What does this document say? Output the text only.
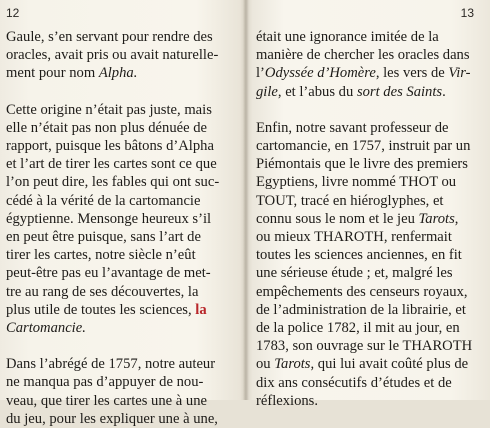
12

Gaule, s’en servant pour rendre des
oracles, avait pris ou avait naturelle-
ment pour nom Alpha.

Cette origine n’était pas juste, mais
elle n’était pas non plus dénuée de
rapport, puisque les bâtons d’Alpha
et l’art de tirer les cartes sont ce que
l’on peut dire, les fables qui ont suc-
cédé à la vérité de la cartomancie
égyptienne. Mensonge heureux s’il
en peut être puisque, sans l’art de
tirer les cartes, notre siècle n’eût
peut-être pas eu l’avantage de met-
tre au rang de ses découvertes, la
plus utile de toutes les sciences, la
Cartomancie.

Dans l’abrégé de 1757, notre auteur
ne manqua pas d’appuyer de nou-
veau, que tirer les cartes une à une
du jeu, pour les expliquer une à une,

13

était une ignorance imitée de la
manière de chercher les oracles dans
l’Odyssée d’Homère, les vers de Vir-
gile, et l’abus du sort des Saints.

Enfin, notre savant professeur de
cartomancie, en 1757, instruit par un
Piémontais que le livre des premiers
Egyptiens, livre nommé THOT ou
TOUT, tracé en hiéroglyphes, et
connu sous le nom et le jeu Tarots,
ou mieux THAROTH, renfermait
toutes les sciences anciennes, en fit
une sérieuse étude ; et, malgré les
empêchements des censeurs royaux,
de l’administration de la librairie, et
de la police 1782, il mit au jour, en
1783, son ouvrage sur le THAROTH
ou Tarots, qui lui avait coûté plus de
dix ans consécutifs d’études et de
réflexions.
